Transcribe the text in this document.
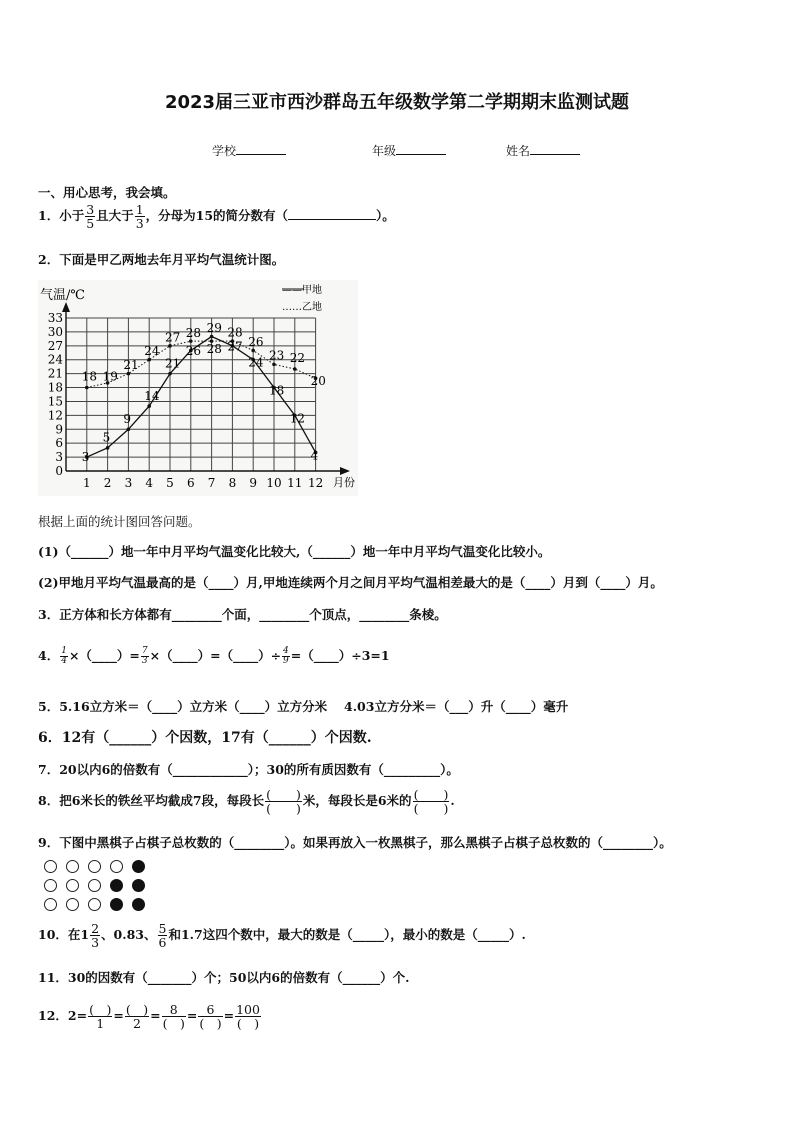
2023届三亚市西沙群岛五年级数学第二学期期末监测试题
学校	年级	姓名
一、用心思考，我会填。
1．小于 $\frac{3}{5}$ 且大于 $\frac{1}{3}$ ，分母为15的简分数有（	）。
2．下面是甲乙两地去年月平均气温统计图。
0
3
6
9
12
15
18
21
24
27
30
33
1 2 3 4 5 6 7 8 9 10 11 12
3
5
9
14
21
26
29
28
28
27
24
21
19
18
28
27 26
24 23
18
22
12
20
4
气温/℃
月份
——甲地
……乙地
根据上面的统计图回答问题。
(1)（______）地一年中月平均气温变化比较大,（______）地一年中月平均气温变化比较小。
(2)甲地月平均气温最高的是（____）月,甲地连续两个月之间月平均气温相差最大的是（____）月到（____）月。
3．正方体和长方体都有________个面，________个顶点，________条棱。
4． $\frac{1}{4}$ ×（____）= $\frac{7}{3}$ ×（____）=（____）÷ $\frac{4}{9}$ =（____）÷3=1
5．5.16立方米＝（____）立方米（____）立方分米　 4.03立方分米＝（___）升（____）毫升
6．12有（______）个因数，17有（______）个因数.
7．20以内6的倍数有（____________）；30的所有质因数有（_________）。
8．把6米长的铁丝平均截成7段，每段长 $\frac{( )}{( )}$ 米，每段长是6米的 $\frac{( )}{( )}$ .
9．下图中黑棋子占棋子总枚数的（________）。如果再放入一枚黑棋子，那么黑棋子占棋子总枚数的（________）。
10．在$1 \frac{2}{3}$ 、0.83、 $\frac{5}{6}$ 和1.7这四个数中，最大的数是（_____），最小的数是（_____）.
11．30的因数有（_______）个；50以内6的倍数有（______）个.
12．$2= \frac{( )}{1} = \frac{( )}{2} = \frac{8}{( )} = \frac{6}{( )} = \frac{100}{( )}$
